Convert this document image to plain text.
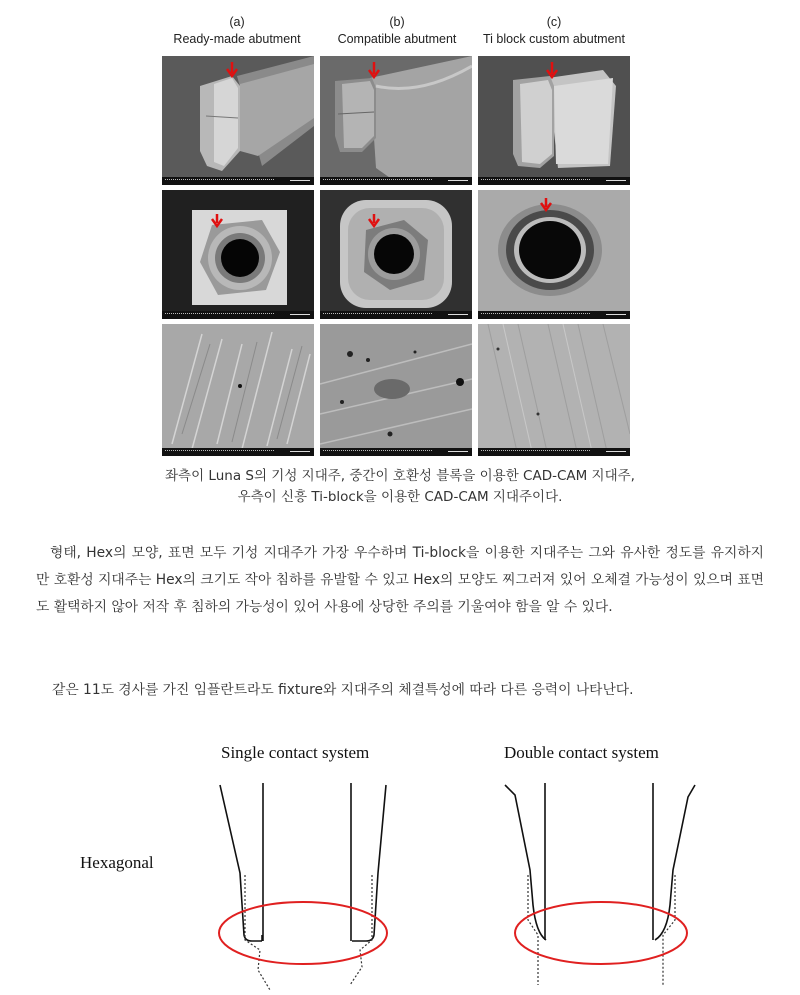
(a)
Ready-made abutment
(b)
Compatible abutment
(c)
Ti block custom abutment
좌측이 Luna S의 기성 지대주, 중간이 호환성 블록을 이용한 CAD-CAM 지대주,
우측이 신흥 Ti-block을 이용한 CAD-CAM 지대주이다.

형태, Hex의 모양, 표면 모두 기성 지대주가 가장 우수하며 Ti-block을 이용한 지대주는 그와 유사한 정도를 유지하지만 호환성 지대주는 Hex의 크기도 작아 침하를 유발할 수 있고 Hex의 모양도 찌그러져 있어 오체결 가능성이 있으며 표면도 활택하지 않아 저작 후 침하의 가능성이 있어 사용에 상당한 주의를 기울여야 함을 알 수 있다.

같은 11도 경사를 가진 임플란트라도 fixture와 지대주의 체결특성에 따라 다른 응력이 나타난다.

Single contact system	Double contact system
Hexagonal
